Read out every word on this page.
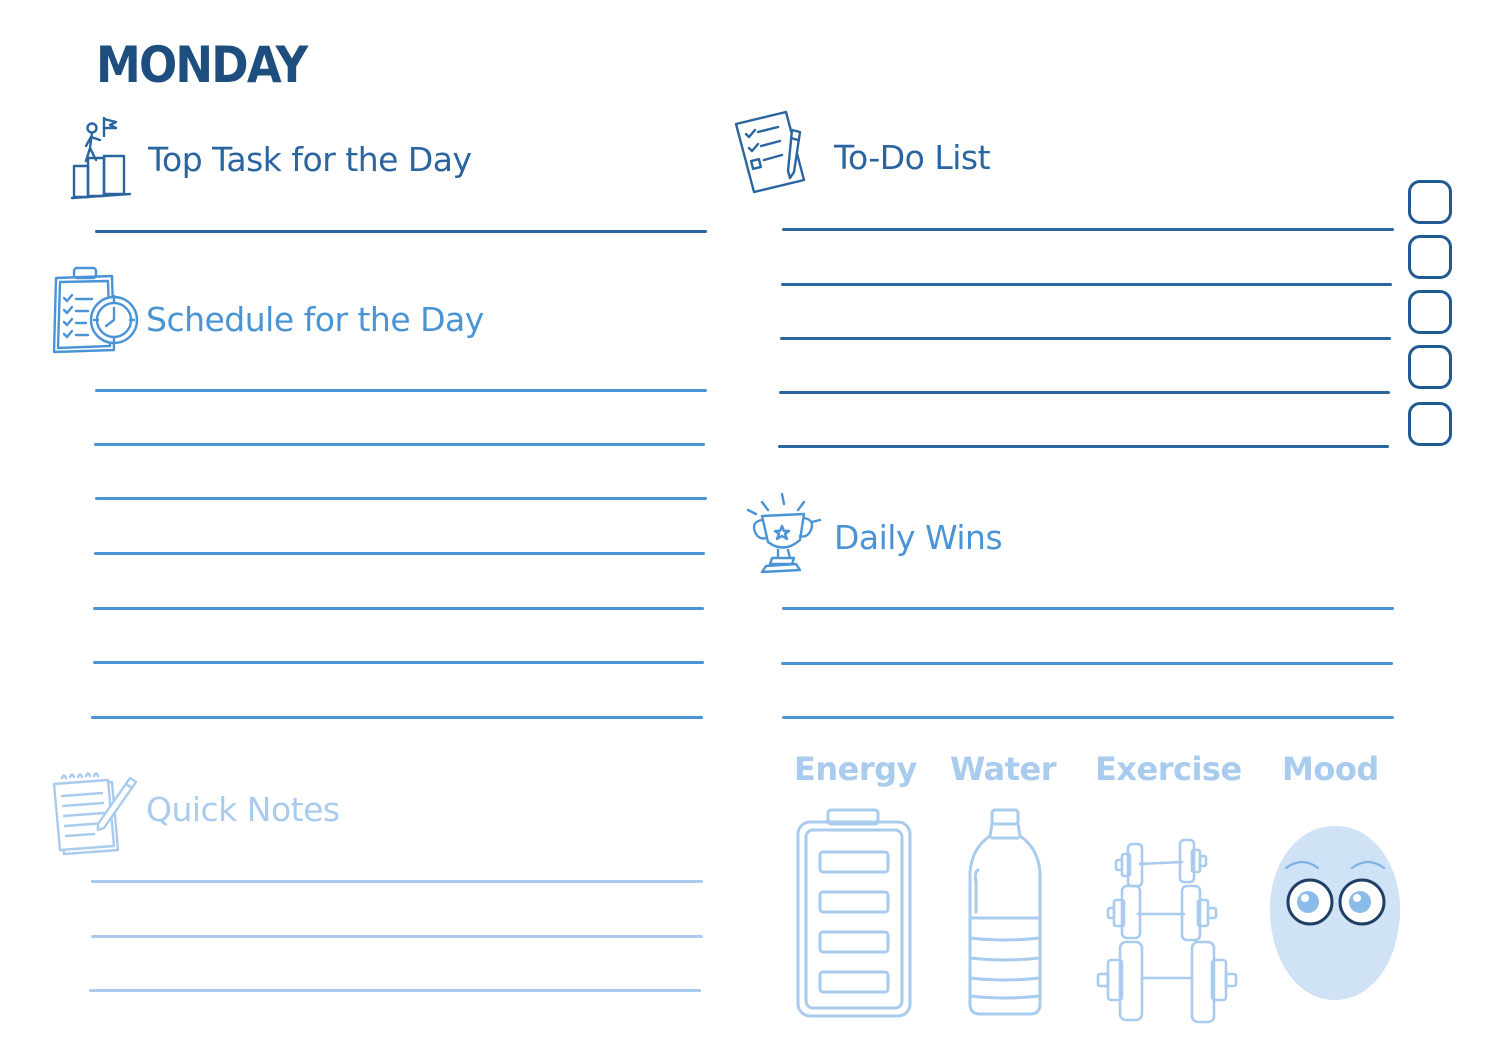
MONDAY
Top Task for the Day
Schedule for the Day
Quick Notes
To-Do List
Daily Wins
Energy Water Exercise Mood
